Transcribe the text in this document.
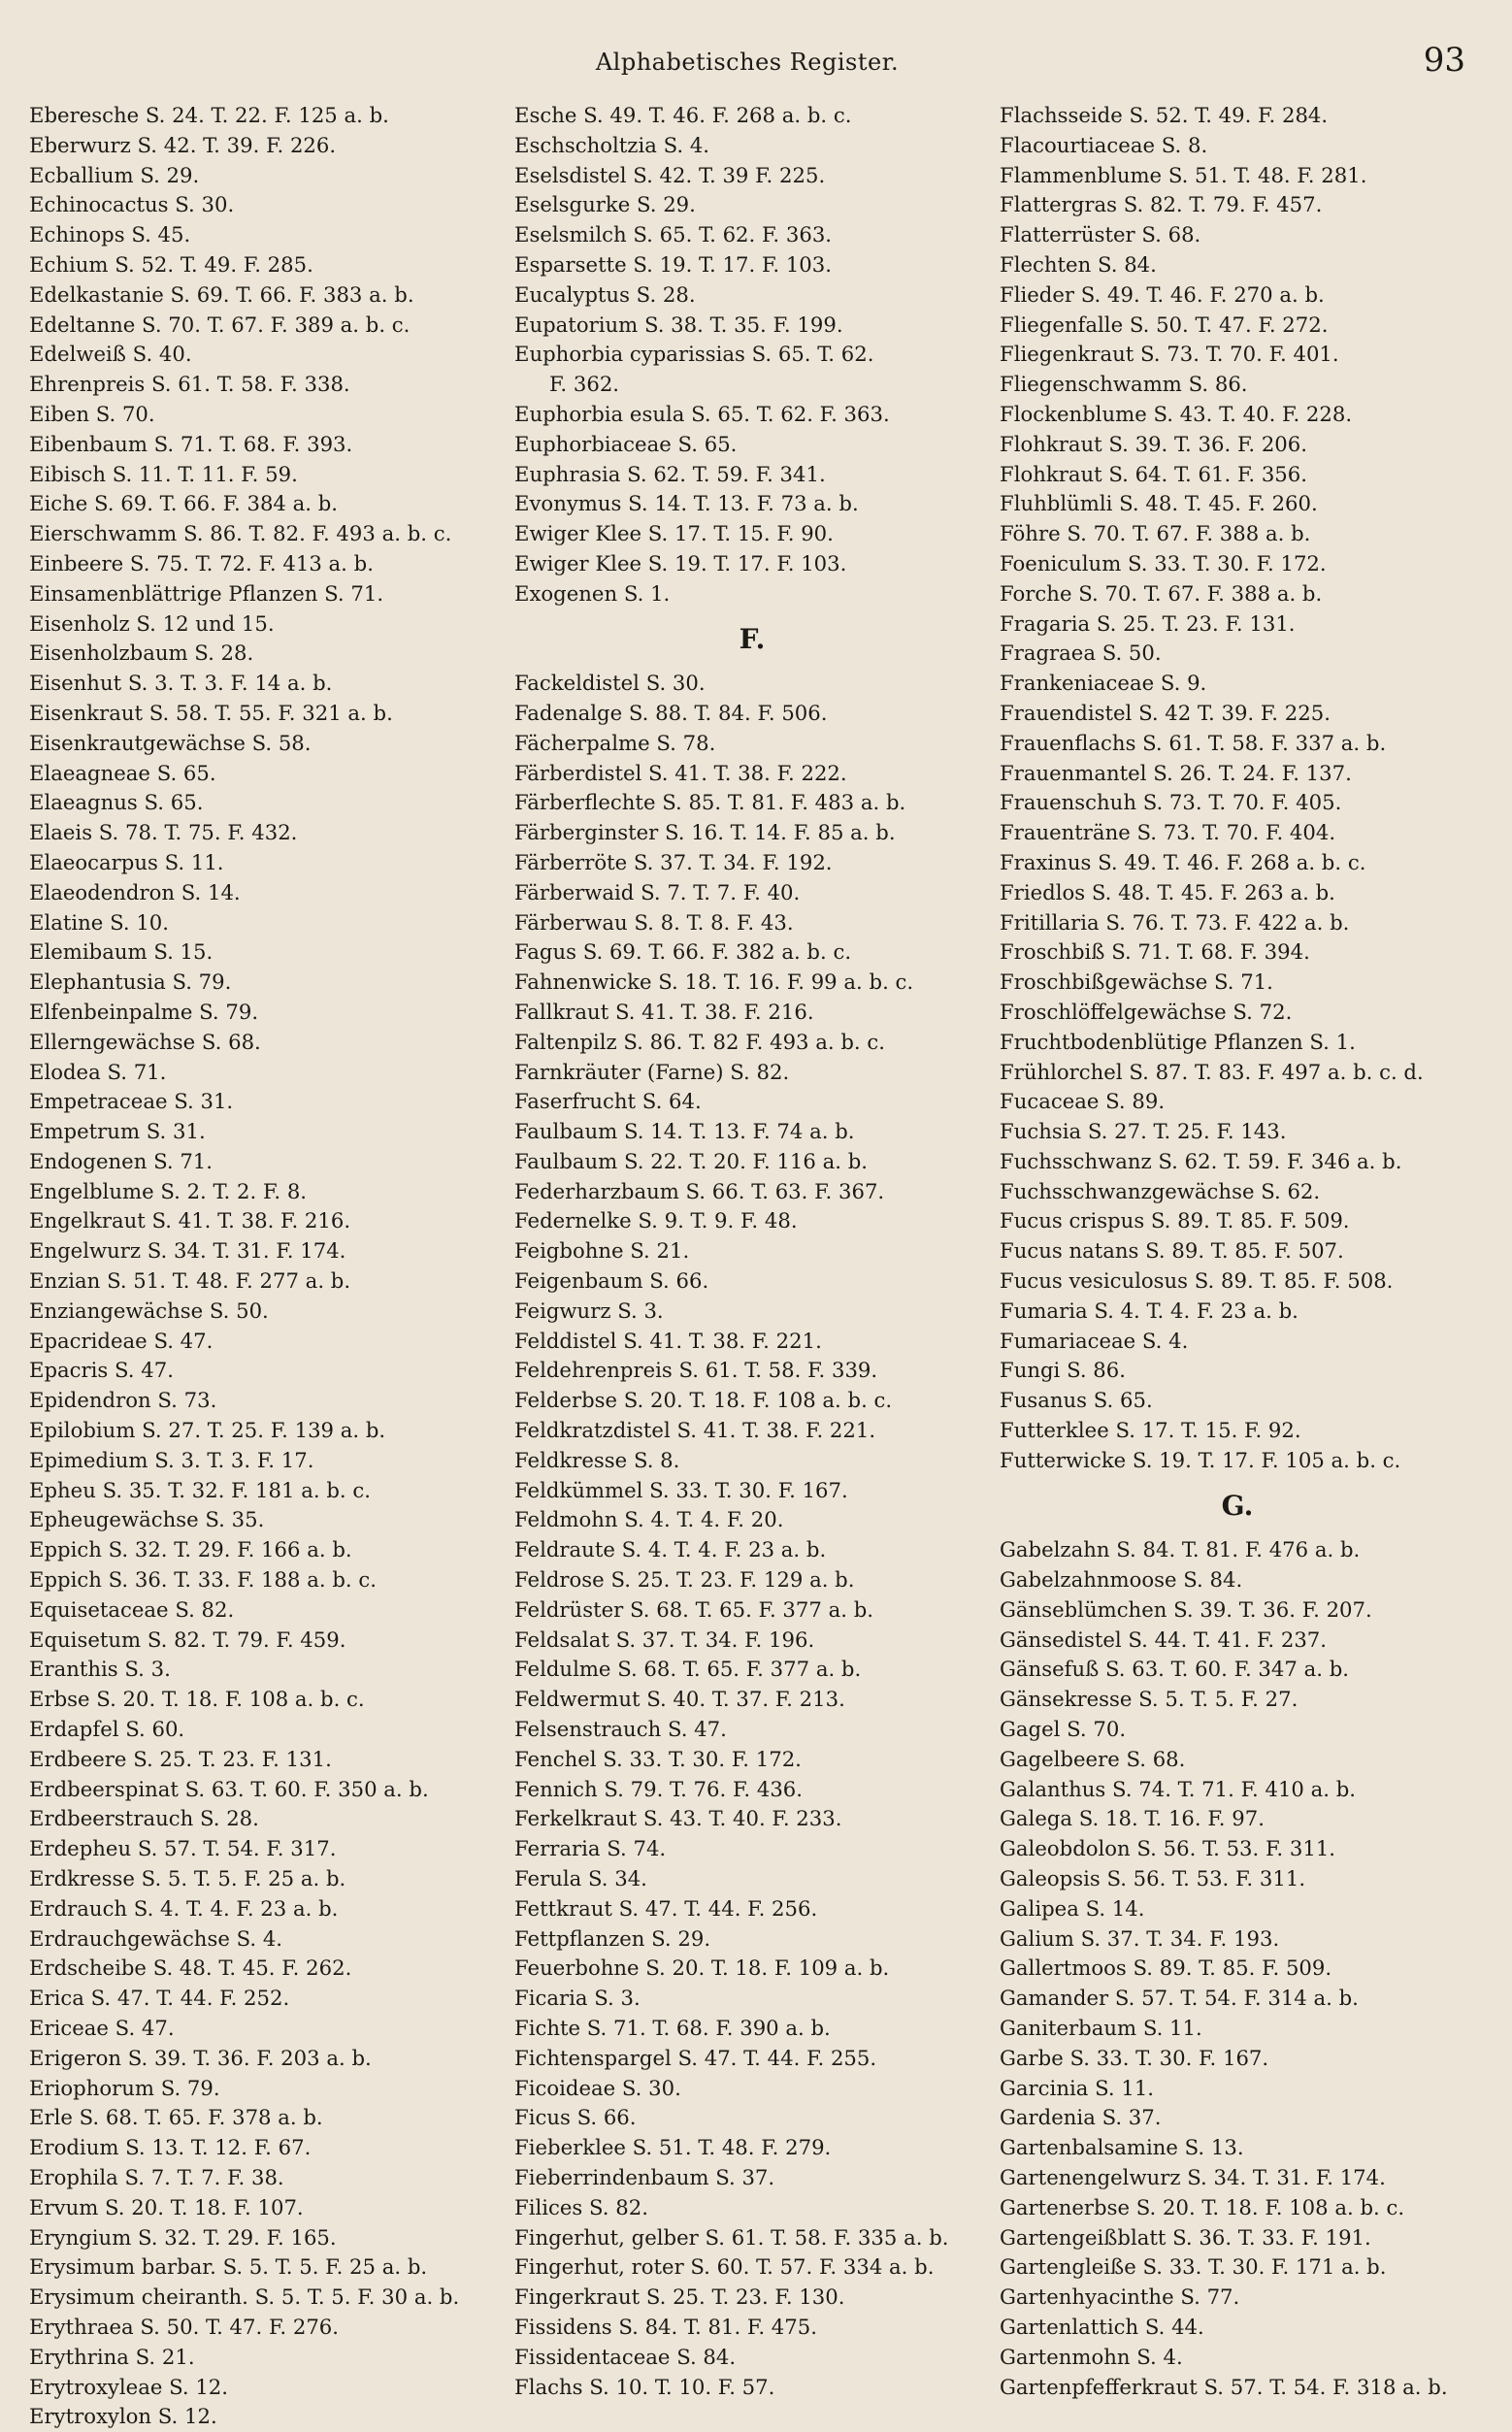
Alphabetisches Register.	93
Eberesche S. 24. T. 22. F. 125 a. b.
Eberwurz S. 42. T. 39. F. 226.
Ecballium S. 29.
Echinocactus S. 30.
Echinops S. 45.
Echium S. 52. T. 49. F. 285.
Edelkastanie S. 69. T. 66. F. 383 a. b.
Edeltanne S. 70. T. 67. F. 389 a. b. c.
Edelweiß S. 40.
Ehrenpreis S. 61. T. 58. F. 338.
Eiben S. 70.
Eibenbaum S. 71. T. 68. F. 393.
Eibisch S. 11. T. 11. F. 59.
Eiche S. 69. T. 66. F. 384 a. b.
Eierschwamm S. 86. T. 82. F. 493 a. b. c.
Einbeere S. 75. T. 72. F. 413 a. b.
Einsamenblättrige Pflanzen S. 71.
Eisenholz S. 12 und 15.
Eisenholzbaum S. 28.
Eisenhut S. 3. T. 3. F. 14 a. b.
Eisenkraut S. 58. T. 55. F. 321 a. b.
Eisenkrautgewächse S. 58.
Elaeagneae S. 65.
Elaeagnus S. 65.
Elaeis S. 78. T. 75. F. 432.
Elaeocarpus S. 11.
Elaeodendron S. 14.
Elatine S. 10.
Elemibaum S. 15.
Elephantusia S. 79.
Elfenbeinpalme S. 79.
Ellerngewächse S. 68.
Elodea S. 71.
Empetraceae S. 31.
Empetrum S. 31.
Endogenen S. 71.
Engelblume S. 2. T. 2. F. 8.
Engelkraut S. 41. T. 38. F. 216.
Engelwurz S. 34. T. 31. F. 174.
Enzian S. 51. T. 48. F. 277 a. b.
Enziangewächse S. 50.
Epacrideae S. 47.
Epacris S. 47.
Epidendron S. 73.
Epilobium S. 27. T. 25. F. 139 a. b.
Epimedium S. 3. T. 3. F. 17.
Epheu S. 35. T. 32. F. 181 a. b. c.
Epheugewächse S. 35.
Eppich S. 32. T. 29. F. 166 a. b.
Eppich S. 36. T. 33. F. 188 a. b. c.
Equisetaceae S. 82.
Equisetum S. 82. T. 79. F. 459.
Eranthis S. 3.
Erbse S. 20. T. 18. F. 108 a. b. c.
Erdapfel S. 60.
Erdbeere S. 25. T. 23. F. 131.
Erdbeerspinat S. 63. T. 60. F. 350 a. b.
Erdbeerstrauch S. 28.
Erdepheu S. 57. T. 54. F. 317.
Erdkresse S. 5. T. 5. F. 25 a. b.
Erdrauch S. 4. T. 4. F. 23 a. b.
Erdrauchgewächse S. 4.
Erdscheibe S. 48. T. 45. F. 262.
Erica S. 47. T. 44. F. 252.
Ericeae S. 47.
Erigeron S. 39. T. 36. F. 203 a. b.
Eriophorum S. 79.
Erle S. 68. T. 65. F. 378 a. b.
Erodium S. 13. T. 12. F. 67.
Erophila S. 7. T. 7. F. 38.
Ervum S. 20. T. 18. F. 107.
Eryngium S. 32. T. 29. F. 165.
Erysimum barbar. S. 5. T. 5. F. 25 a. b.
Erysimum cheiranth. S. 5. T. 5. F. 30 a. b.
Erythraea S. 50. T. 47. F. 276.
Erythrina S. 21.
Erytroxyleae S. 12.
Erytroxylon S. 12.
Esche S. 49. T. 46. F. 268 a. b. c.
Eschscholtzia S. 4.
Eselsdistel S. 42. T. 39 F. 225.
Eselsgurke S. 29.
Eselsmilch S. 65. T. 62. F. 363.
Esparsette S. 19. T. 17. F. 103.
Eucalyptus S. 28.
Eupatorium S. 38. T. 35. F. 199.
Euphorbia cyparissias S. 65. T. 62.
F. 362.
Euphorbia esula S. 65. T. 62. F. 363.
Euphorbiaceae S. 65.
Euphrasia S. 62. T. 59. F. 341.
Evonymus S. 14. T. 13. F. 73 a. b.
Ewiger Klee S. 17. T. 15. F. 90.
Ewiger Klee S. 19. T. 17. F. 103.
Exogenen S. 1.
F.
Fackeldistel S. 30.
Fadenalge S. 88. T. 84. F. 506.
Fächerpalme S. 78.
Färberdistel S. 41. T. 38. F. 222.
Färberflechte S. 85. T. 81. F. 483 a. b.
Färberginster S. 16. T. 14. F. 85 a. b.
Färberröte S. 37. T. 34. F. 192.
Färberwaid S. 7. T. 7. F. 40.
Färberwau S. 8. T. 8. F. 43.
Fagus S. 69. T. 66. F. 382 a. b. c.
Fahnenwicke S. 18. T. 16. F. 99 a. b. c.
Fallkraut S. 41. T. 38. F. 216.
Faltenpilz S. 86. T. 82 F. 493 a. b. c.
Farnkräuter (Farne) S. 82.
Faserfrucht S. 64.
Faulbaum S. 14. T. 13. F. 74 a. b.
Faulbaum S. 22. T. 20. F. 116 a. b.
Federharzbaum S. 66. T. 63. F. 367.
Federnelke S. 9. T. 9. F. 48.
Feigbohne S. 21.
Feigenbaum S. 66.
Feigwurz S. 3.
Felddistel S. 41. T. 38. F. 221.
Feldehrenpreis S. 61. T. 58. F. 339.
Felderbse S. 20. T. 18. F. 108 a. b. c.
Feldkratzdistel S. 41. T. 38. F. 221.
Feldkresse S. 8.
Feldkümmel S. 33. T. 30. F. 167.
Feldmohn S. 4. T. 4. F. 20.
Feldraute S. 4. T. 4. F. 23 a. b.
Feldrose S. 25. T. 23. F. 129 a. b.
Feldrüster S. 68. T. 65. F. 377 a. b.
Feldsalat S. 37. T. 34. F. 196.
Feldulme S. 68. T. 65. F. 377 a. b.
Feldwermut S. 40. T. 37. F. 213.
Felsenstrauch S. 47.
Fenchel S. 33. T. 30. F. 172.
Fennich S. 79. T. 76. F. 436.
Ferkelkraut S. 43. T. 40. F. 233.
Ferraria S. 74.
Ferula S. 34.
Fettkraut S. 47. T. 44. F. 256.
Fettpflanzen S. 29.
Feuerbohne S. 20. T. 18. F. 109 a. b.
Ficaria S. 3.
Fichte S. 71. T. 68. F. 390 a. b.
Fichtenspargel S. 47. T. 44. F. 255.
Ficoideae S. 30.
Ficus S. 66.
Fieberklee S. 51. T. 48. F. 279.
Fieberrindenbaum S. 37.
Filices S. 82.
Fingerhut, gelber S. 61. T. 58. F. 335 a. b.
Fingerhut, roter S. 60. T. 57. F. 334 a. b.
Fingerkraut S. 25. T. 23. F. 130.
Fissidens S. 84. T. 81. F. 475.
Fissidentaceae S. 84.
Flachs S. 10. T. 10. F. 57.
Flachsseide S. 52. T. 49. F. 284.
Flacourtiaceae S. 8.
Flammenblume S. 51. T. 48. F. 281.
Flattergras S. 82. T. 79. F. 457.
Flatterrüster S. 68.
Flechten S. 84.
Flieder S. 49. T. 46. F. 270 a. b.
Fliegenfalle S. 50. T. 47. F. 272.
Fliegenkraut S. 73. T. 70. F. 401.
Fliegenschwamm S. 86.
Flockenblume S. 43. T. 40. F. 228.
Flohkraut S. 39. T. 36. F. 206.
Flohkraut S. 64. T. 61. F. 356.
Fluhblümli S. 48. T. 45. F. 260.
Föhre S. 70. T. 67. F. 388 a. b.
Foeniculum S. 33. T. 30. F. 172.
Forche S. 70. T. 67. F. 388 a. b.
Fragaria S. 25. T. 23. F. 131.
Fragraea S. 50.
Frankeniaceae S. 9.
Frauendistel S. 42 T. 39. F. 225.
Frauenflachs S. 61. T. 58. F. 337 a. b.
Frauenmantel S. 26. T. 24. F. 137.
Frauenschuh S. 73. T. 70. F. 405.
Frauenträne S. 73. T. 70. F. 404.
Fraxinus S. 49. T. 46. F. 268 a. b. c.
Friedlos S. 48. T. 45. F. 263 a. b.
Fritillaria S. 76. T. 73. F. 422 a. b.
Froschbiß S. 71. T. 68. F. 394.
Froschbißgewächse S. 71.
Froschlöffelgewächse S. 72.
Fruchtbodenblütige Pflanzen S. 1.
Frühlorchel S. 87. T. 83. F. 497 a. b. c. d.
Fucaceae S. 89.
Fuchsia S. 27. T. 25. F. 143.
Fuchsschwanz S. 62. T. 59. F. 346 a. b.
Fuchsschwanzgewächse S. 62.
Fucus crispus S. 89. T. 85. F. 509.
Fucus natans S. 89. T. 85. F. 507.
Fucus vesiculosus S. 89. T. 85. F. 508.
Fumaria S. 4. T. 4. F. 23 a. b.
Fumariaceae S. 4.
Fungi S. 86.
Fusanus S. 65.
Futterklee S. 17. T. 15. F. 92.
Futterwicke S. 19. T. 17. F. 105 a. b. c.
G.
Gabelzahn S. 84. T. 81. F. 476 a. b.
Gabelzahnmoose S. 84.
Gänseblümchen S. 39. T. 36. F. 207.
Gänsedistel S. 44. T. 41. F. 237.
Gänsefuß S. 63. T. 60. F. 347 a. b.
Gänsekresse S. 5. T. 5. F. 27.
Gagel S. 70.
Gagelbeere S. 68.
Galanthus S. 74. T. 71. F. 410 a. b.
Galega S. 18. T. 16. F. 97.
Galeobdolon S. 56. T. 53. F. 311.
Galeopsis S. 56. T. 53. F. 311.
Galipea S. 14.
Galium S. 37. T. 34. F. 193.
Gallertmoos S. 89. T. 85. F. 509.
Gamander S. 57. T. 54. F. 314 a. b.
Ganiterbaum S. 11.
Garbe S. 33. T. 30. F. 167.
Garcinia S. 11.
Gardenia S. 37.
Gartenbalsamine S. 13.
Gartenengelwurz S. 34. T. 31. F. 174.
Gartenerbse S. 20. T. 18. F. 108 a. b. c.
Gartengeißblatt S. 36. T. 33. F. 191.
Gartengleiße S. 33. T. 30. F. 171 a. b.
Gartenhyacinthe S. 77.
Gartenlattich S. 44.
Gartenmohn S. 4.
Gartenpfefferkraut S. 57. T. 54. F. 318 a. b.
